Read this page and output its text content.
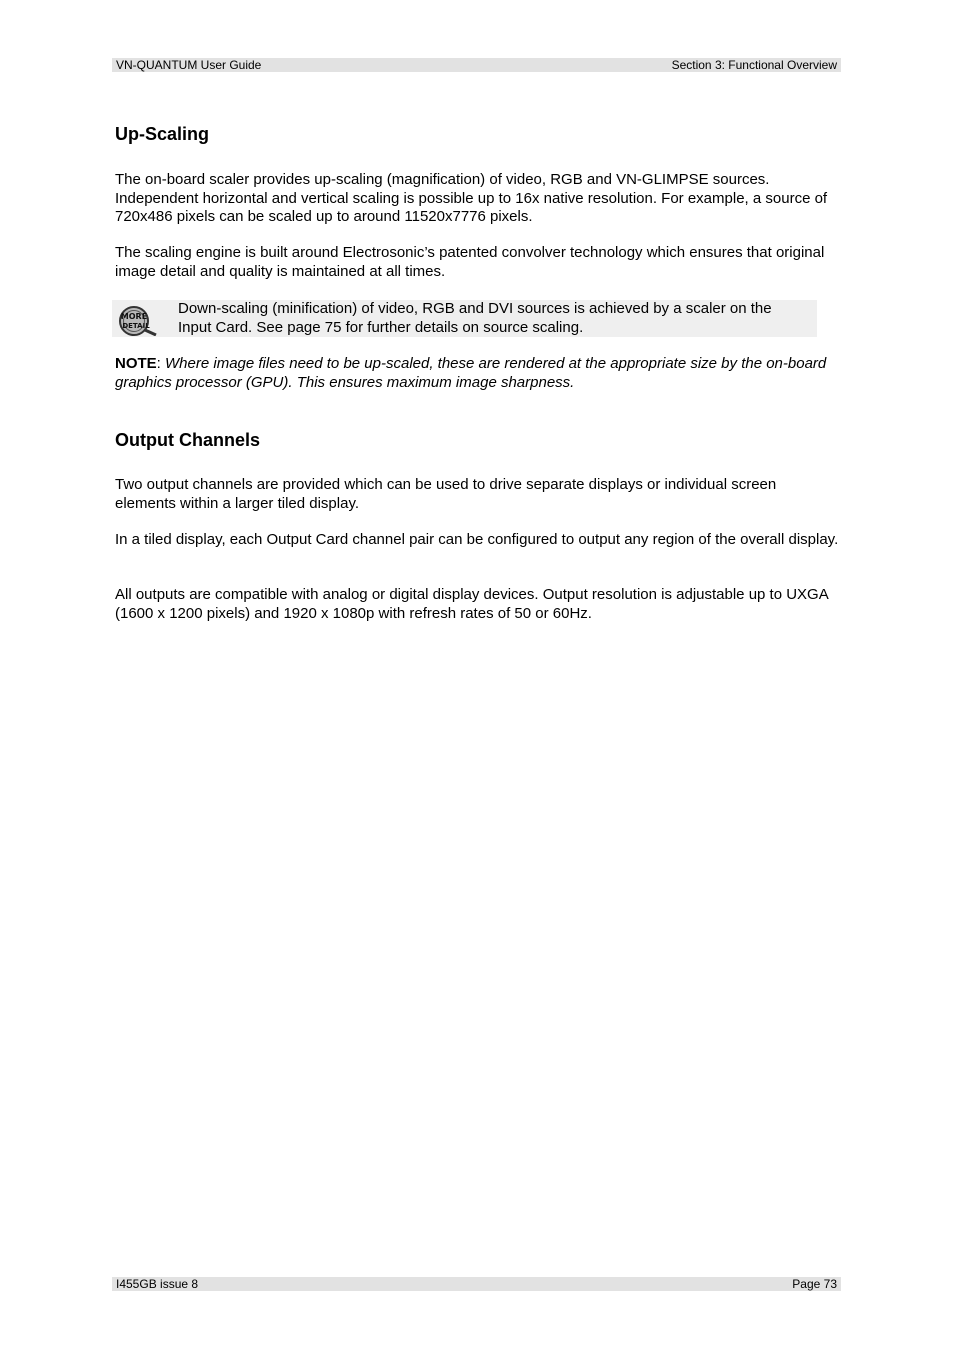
VN-QUANTUM User Guide	Section 3: Functional Overview
Up-Scaling

The on-board scaler provides up-scaling (magnification) of video, RGB and VN-GLIMPSE sources. Independent horizontal and vertical scaling is possible up to 16x native resolution. For example, a source of 720x486 pixels can be scaled up to around 11520x7776 pixels.

The scaling engine is built around Electrosonic’s patented convolver technology which ensures that original image detail and quality is maintained at all times.

MORE
DETAIL
Down-scaling (minification) of video, RGB and DVI sources is achieved by a scaler on the Input Card. See page 75 for further details on source scaling.

NOTE: Where image files need to be up-scaled, these are rendered at the appropriate size by the on-board graphics processor (GPU). This ensures maximum image sharpness.

Output Channels

Two output channels are provided which can be used to drive separate displays or individual screen elements within a larger tiled display.

In a tiled display, each Output Card channel pair can be configured to output any region of the overall display.

All outputs are compatible with analog or digital display devices. Output resolution is adjustable up to UXGA (1600 x 1200 pixels) and 1920 x 1080p with refresh rates of 50 or 60Hz.

I455GB issue 8	Page 73
